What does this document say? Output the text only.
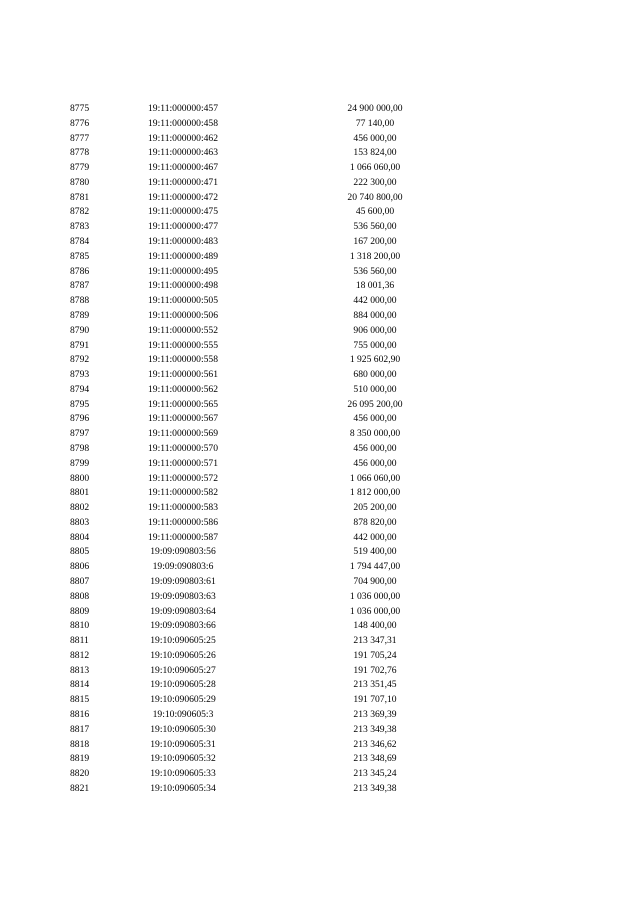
8775	19:11:000000:457	24 900 000,00
8776	19:11:000000:458	77 140,00
8777	19:11:000000:462	456 000,00
8778	19:11:000000:463	153 824,00
8779	19:11:000000:467	1 066 060,00
8780	19:11:000000:471	222 300,00
8781	19:11:000000:472	20 740 800,00
8782	19:11:000000:475	45 600,00
8783	19:11:000000:477	536 560,00
8784	19:11:000000:483	167 200,00
8785	19:11:000000:489	1 318 200,00
8786	19:11:000000:495	536 560,00
8787	19:11:000000:498	18 001,36
8788	19:11:000000:505	442 000,00
8789	19:11:000000:506	884 000,00
8790	19:11:000000:552	906 000,00
8791	19:11:000000:555	755 000,00
8792	19:11:000000:558	1 925 602,90
8793	19:11:000000:561	680 000,00
8794	19:11:000000:562	510 000,00
8795	19:11:000000:565	26 095 200,00
8796	19:11:000000:567	456 000,00
8797	19:11:000000:569	8 350 000,00
8798	19:11:000000:570	456 000,00
8799	19:11:000000:571	456 000,00
8800	19:11:000000:572	1 066 060,00
8801	19:11:000000:582	1 812 000,00
8802	19:11:000000:583	205 200,00
8803	19:11:000000:586	878 820,00
8804	19:11:000000:587	442 000,00
8805	19:09:090803:56	519 400,00
8806	19:09:090803:6	1 794 447,00
8807	19:09:090803:61	704 900,00
8808	19:09:090803:63	1 036 000,00
8809	19:09:090803:64	1 036 000,00
8810	19:09:090803:66	148 400,00
8811	19:10:090605:25	213 347,31
8812	19:10:090605:26	191 705,24
8813	19:10:090605:27	191 702,76
8814	19:10:090605:28	213 351,45
8815	19:10:090605:29	191 707,10
8816	19:10:090605:3	213 369,39
8817	19:10:090605:30	213 349,38
8818	19:10:090605:31	213 346,62
8819	19:10:090605:32	213 348,69
8820	19:10:090605:33	213 345,24
8821	19:10:090605:34	213 349,38
